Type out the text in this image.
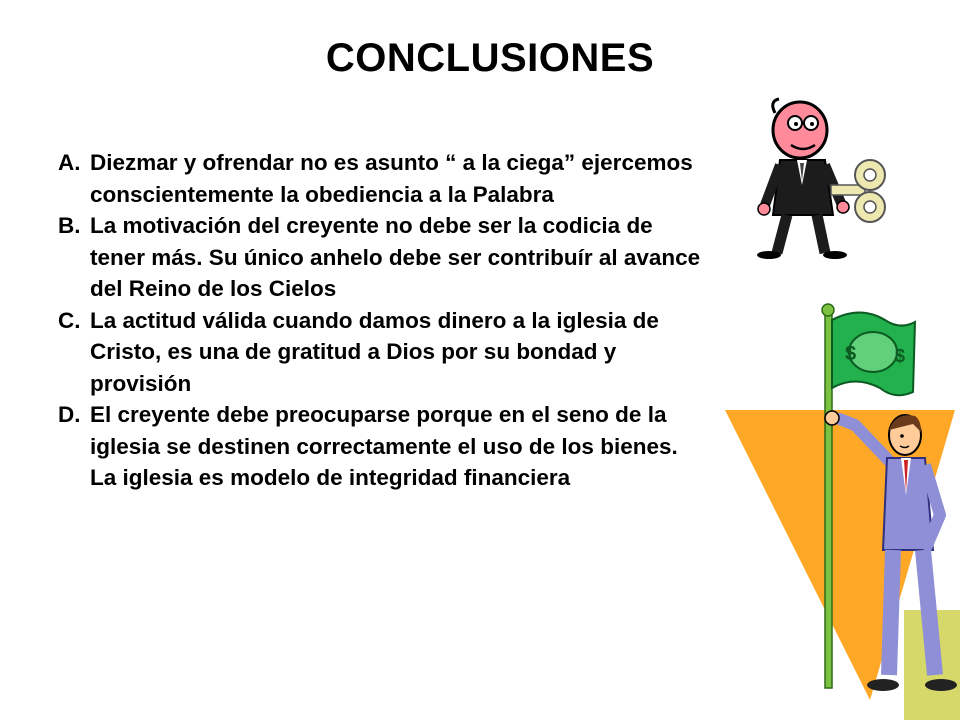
CONCLUSIONES
A. Diezmar y ofrendar no es asunto “ a la ciega” ejercemos conscientemente la obediencia a la Palabra
B. La motivación del creyente no debe ser la codicia de tener más. Su único anhelo debe ser contribuír al avance del Reino de los Cielos
C. La actitud válida cuando damos dinero a la iglesia de Cristo, es una de gratitud a Dios por su bondad y provisión
D. El creyente debe preocuparse porque en el seno de la iglesia se destinen correctamente el uso de los bienes. La iglesia es modelo de integridad financiera
$ $
